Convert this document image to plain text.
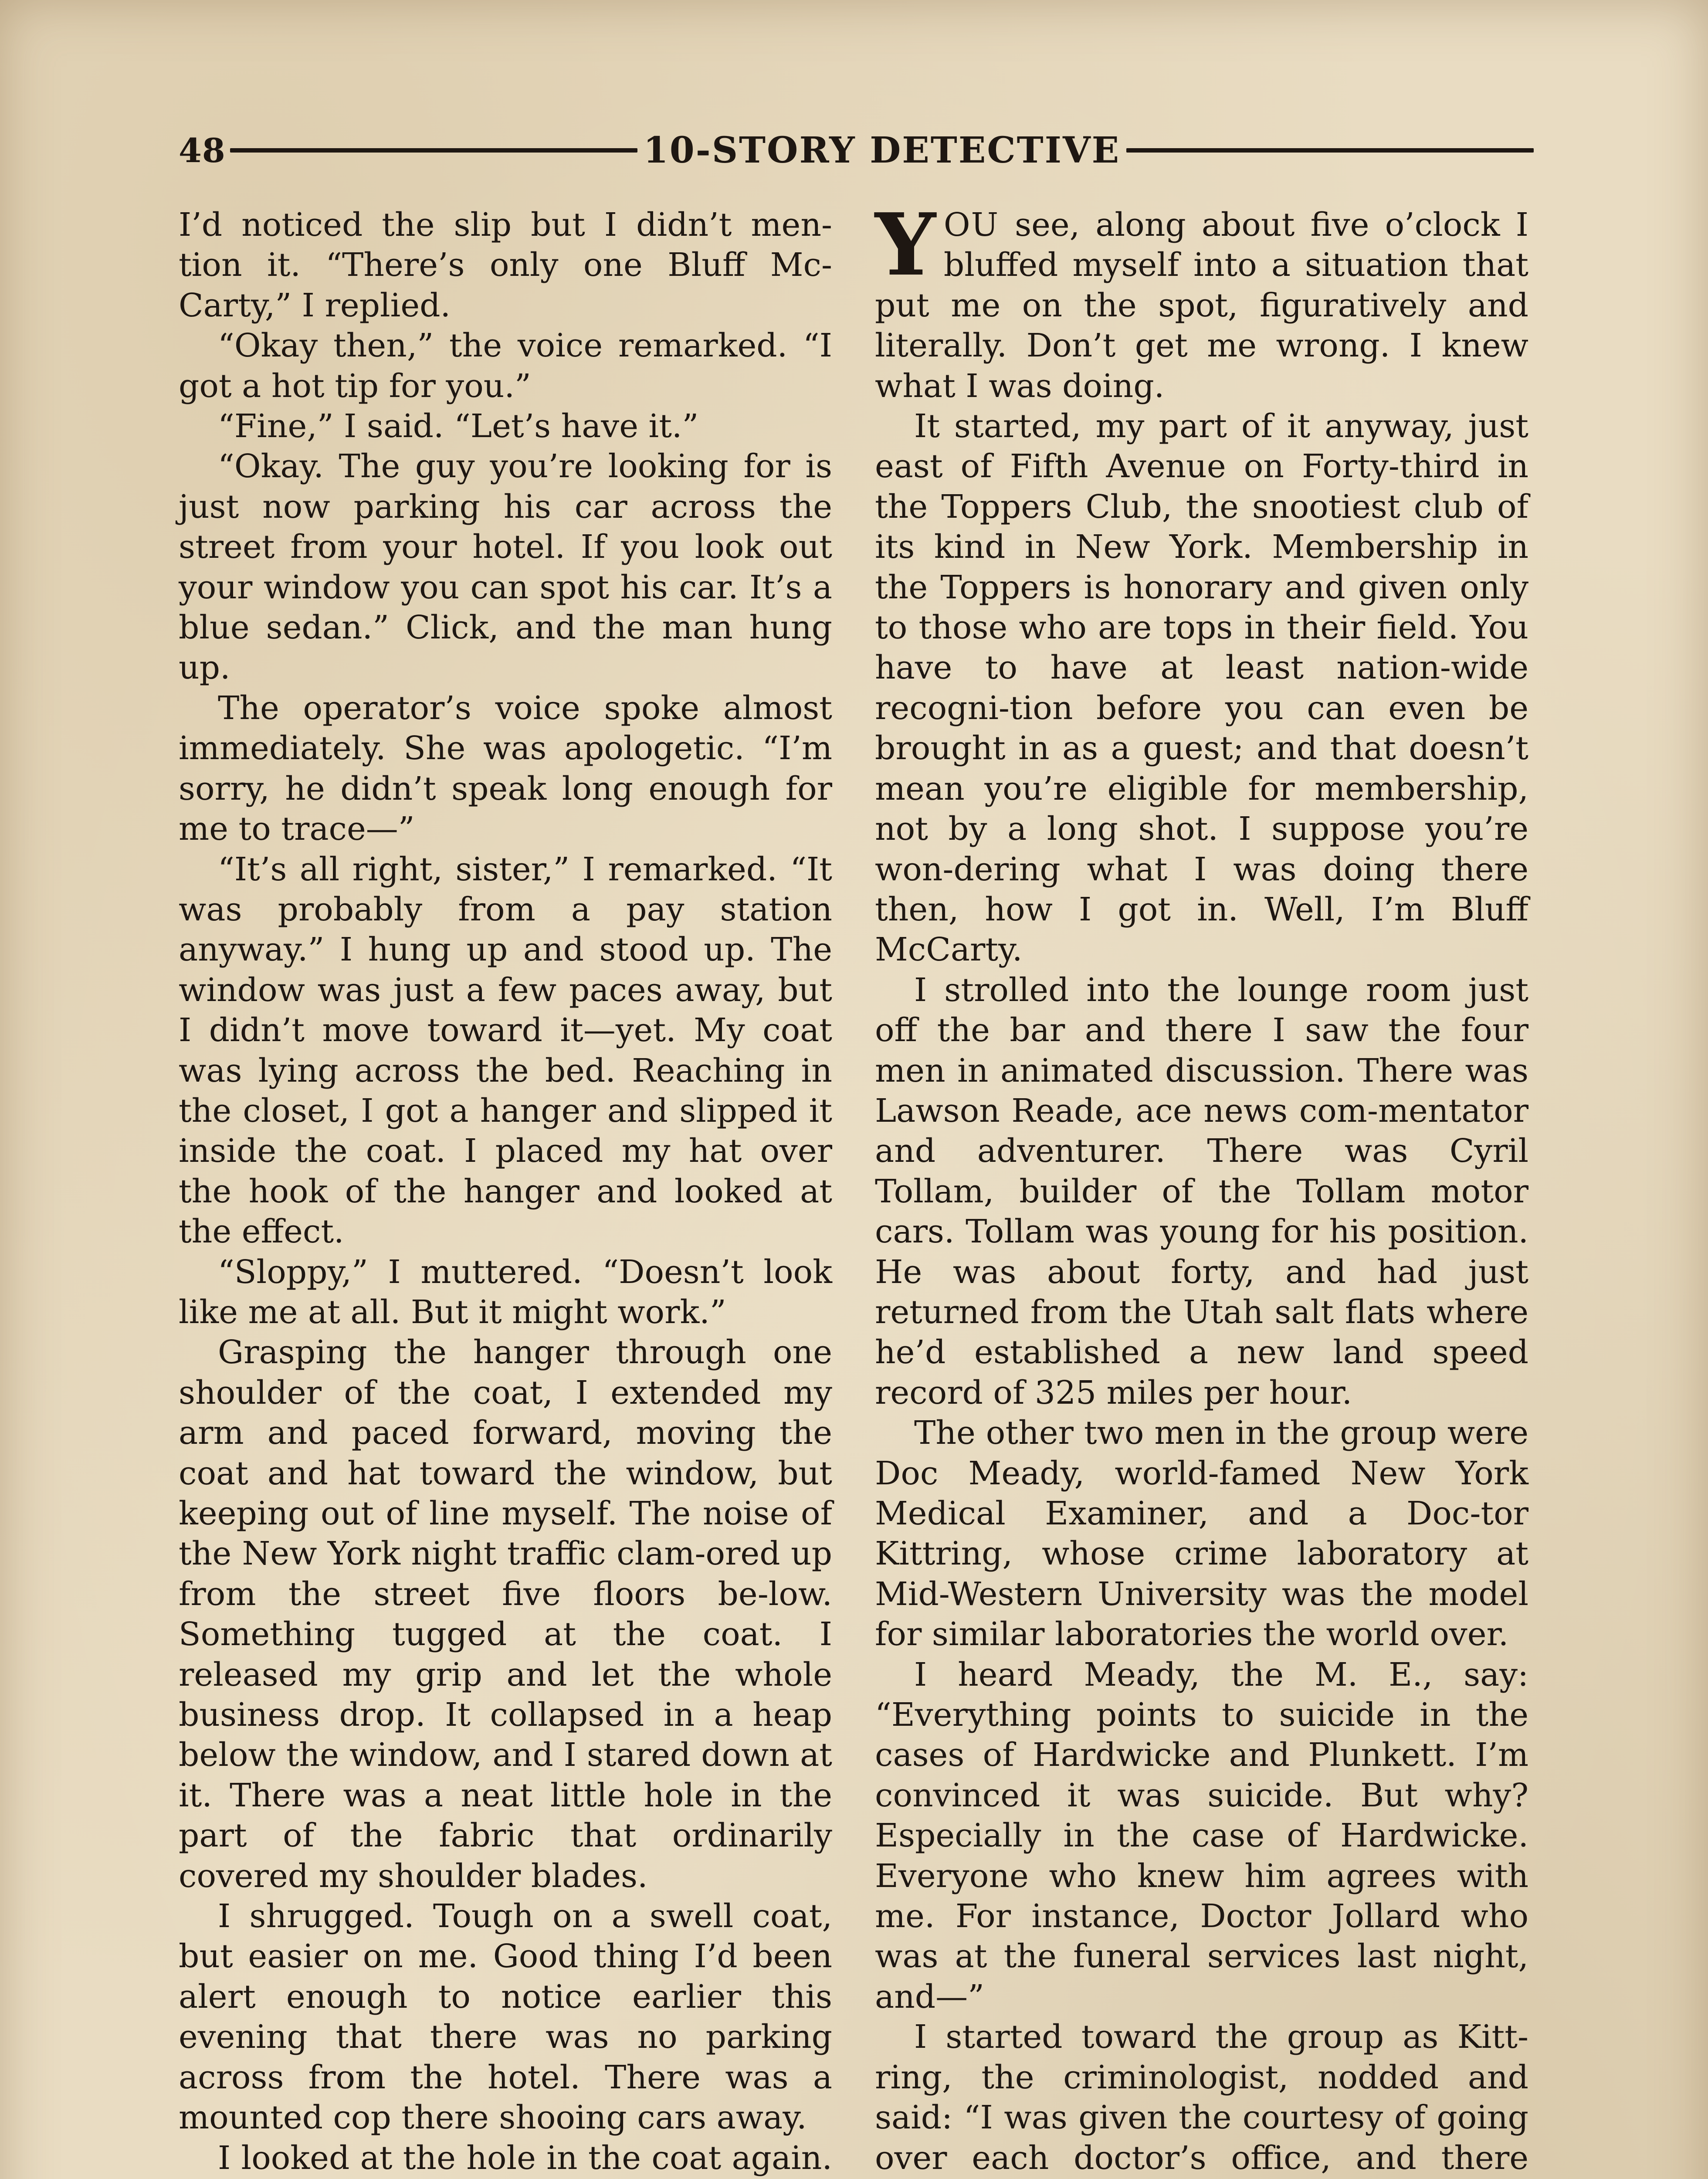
48	10-STORY DETECTIVE

I’d noticed the slip but I didn’t men-tion it. “There’s only one Bluff Mc-Carty,” I replied.

“Okay then,” the voice remarked. “I got a hot tip for you.”

“Fine,” I said. “Let’s have it.”

“Okay. The guy you’re looking for is just now parking his car across the street from your hotel. If you look out your window you can spot his car. It’s a blue sedan.” Click, and the man hung up.

The operator’s voice spoke almost immediately. She was apologetic. “I’m sorry, he didn’t speak long enough for me to trace—”

“It’s all right, sister,” I remarked. “It was probably from a pay station anyway.” I hung up and stood up. The window was just a few paces away, but I didn’t move toward it—yet. My coat was lying across the bed. Reaching in the closet, I got a hanger and slipped it inside the coat. I placed my hat over the hook of the hanger and looked at the effect.

“Sloppy,” I muttered. “Doesn’t look like me at all. But it might work.”

Grasping the hanger through one shoulder of the coat, I extended my arm and paced forward, moving the coat and hat toward the window, but keeping out of line myself. The noise of the New York night traffic clam-ored up from the street five floors be-low. Something tugged at the coat. I released my grip and let the whole business drop. It collapsed in a heap below the window, and I stared down at it. There was a neat little hole in the part of the fabric that ordinarily covered my shoulder blades.

I shrugged. Tough on a swell coat, but easier on me. Good thing I’d been alert enough to notice earlier this evening that there was no parking across from the hotel. There was a mounted cop there shooing cars away.

I looked at the hole in the coat again.

YOU see, along about five o’clock I bluffed myself into a situation that put me on the spot, figuratively and literally. Don’t get me wrong. I knew what I was doing.

It started, my part of it anyway, just east of Fifth Avenue on Forty-third in the Toppers Club, the snootiest club of its kind in New York. Membership in the Toppers is honorary and given only to those who are tops in their field. You have to have at least nation-wide recogni-tion before you can even be brought in as a guest; and that doesn’t mean you’re eligible for membership, not by a long shot. I suppose you’re won-dering what I was doing there then, how I got in. Well, I’m Bluff McCarty.

I strolled into the lounge room just off the bar and there I saw the four men in animated discussion. There was Lawson Reade, ace news com-mentator and adventurer. There was Cyril Tollam, builder of the Tollam motor cars. Tollam was young for his position. He was about forty, and had just returned from the Utah salt flats where he’d established a new land speed record of 325 miles per hour.

The other two men in the group were Doc Meady, world-famed New York Medical Examiner, and a Doc-tor Kittring, whose crime laboratory at Mid-Western University was the model for similar laboratories the world over.

I heard Meady, the M. E., say: “Everything points to suicide in the cases of Hardwicke and Plunkett. I’m convinced it was suicide. But why? Especially in the case of Hardwicke. Everyone who knew him agrees with me. For instance, Doctor Jollard who was at the funeral services last night, and—”

I started toward the group as Kitt-ring, the criminologist, nodded and said: “I was given the courtesy of going over each doctor’s office, and there
